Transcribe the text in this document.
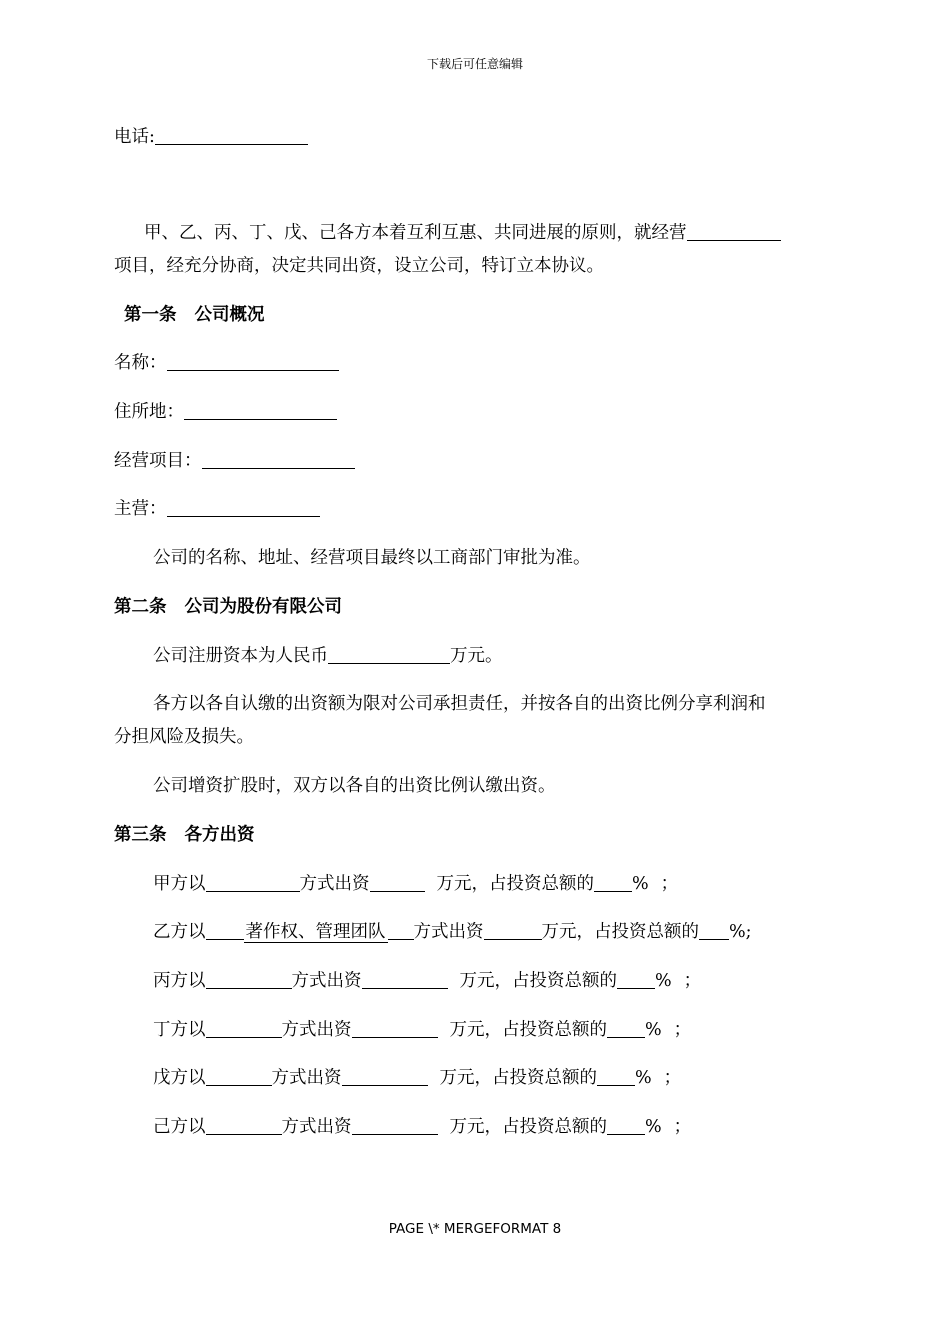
下载后可任意编辑
电话:
甲、乙、丙、丁、戊、己各方本着互利互惠、共同进展的原则，就经营
项目，经充分协商，决定共同出资，设立公司，特订立本协议。
第一条 公司概况
名称：
住所地：
经营项目：
主营：
公司的名称、地址、经营项目最终以工商部门审批为准。
第二条 公司为股份有限公司
公司注册资本为人民币	万元。
各方以各自认缴的出资额为限对公司承担责任，并按各自的出资比例分享利润和
分担风险及损失。
公司增资扩股时，双方以各自的出资比例认缴出资。
第三条 各方出资
甲方以	方式出资	万元，占投资总额的 % ；
乙方以 著作权、管理团队 方式出资	万元，占投资总额的 %;
丙方以	方式出资	万元，占投资总额的 % ；
丁方以	方式出资	万元，占投资总额的 % ；
戊方以	方式出资	万元，占投资总额的 % ；
己方以	方式出资	万元，占投资总额的 % ；
PAGE \* MERGEFORMAT 8
